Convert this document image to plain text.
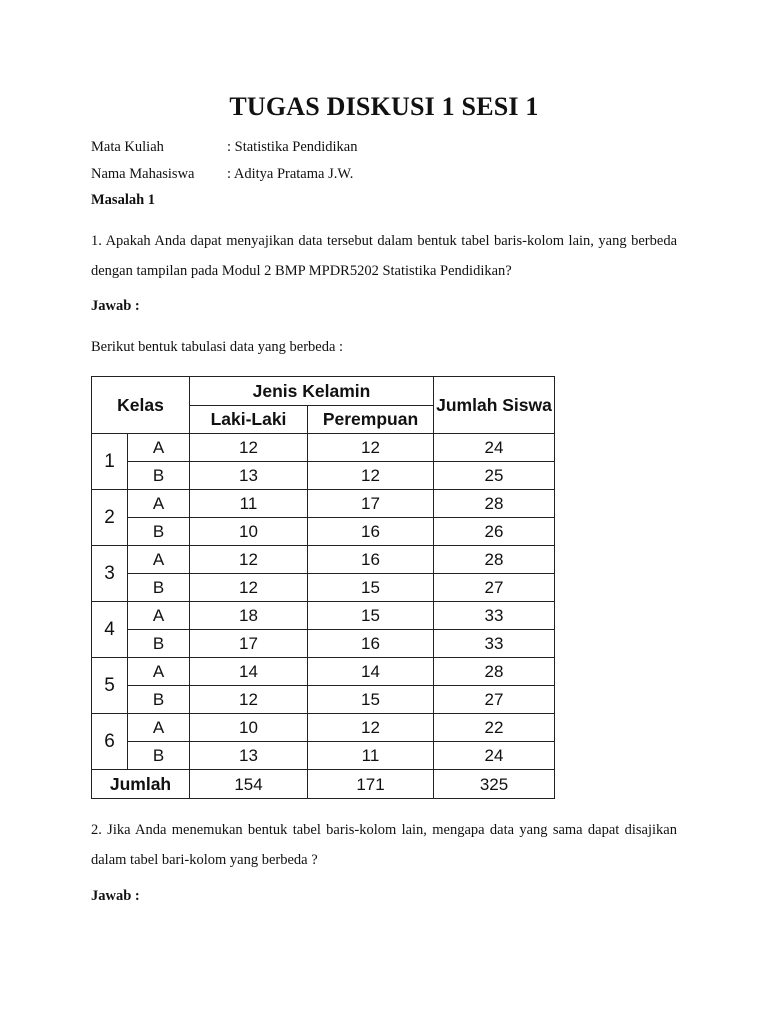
TUGAS DISKUSI 1 SESI 1
Mata Kuliah	: Statistika Pendidikan
Nama Mahasiswa : Aditya Pratama J.W.
Masalah 1
1. Apakah Anda dapat menyajikan data tersebut dalam bentuk tabel baris-kolom lain, yang berbeda dengan tampilan pada Modul 2 BMP MPDR5202 Statistika Pendidikan?
Jawab :
Berikut bentuk tabulasi data yang berbeda :
Kelas		Jenis Kelamin		Jumlah Siswa
		Laki-Laki	Perempuan	
1	A	12	12	24
	B	13	12	25
2	A	11	17	28
	B	10	16	26
3	A	12	16	28
	B	12	15	27
4	A	18	15	33
	B	17	16	33
5	A	14	14	28
	B	12	15	27
6	A	10	12	22
	B	13	11	24
Jumlah		154	171	325
2. Jika Anda menemukan bentuk tabel baris-kolom lain, mengapa data yang sama dapat disajikan dalam tabel bari-kolom yang berbeda ?
Jawab :
